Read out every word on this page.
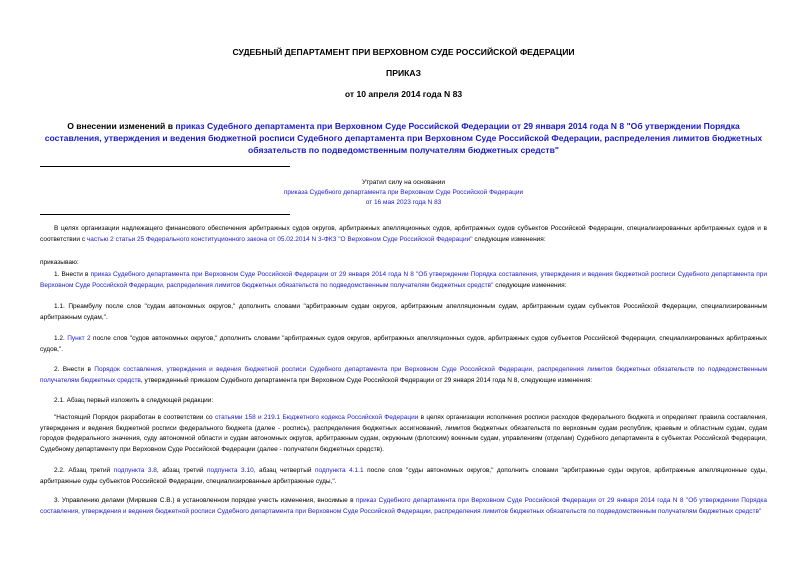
СУДЕБНЫЙ ДЕПАРТАМЕНТ ПРИ ВЕРХОВНОМ СУДЕ РОССИЙСКОЙ ФЕДЕРАЦИИ
ПРИКАЗ
от 10 апреля 2014 года N 83
О внесении изменений в приказ Судебного департамента при Верховном Суде Российской Федерации от 29 января 2014 года N 8 "Об утверждении Порядка составления, утверждения и ведения бюджетной росписи Судебного департамента при Верховном Суде Российской Федерации, распределения лимитов бюджетных обязательств по подведомственным получателям бюджетных средств"
Утратил силу на основании
приказа Судебного департамента при Верховном Суде Российской Федерации
от 16 мая 2023 года N 83
В целях организации надлежащего финансового обеспечения арбитражных судов округов, арбитражных апелляционных судов, арбитражных судов субъектов Российской Федерации, специализированных арбитражных судов и в соответствии с частью 2 статьи 25 Федерального конституционного закона от 05.02.2014 N 3-ФКЗ "О Верховном Суде Российской Федерации" следующие изменения:
приказываю:
1. Внести в приказ Судебного департамента при Верховном Суде Российской Федерации от 29 января 2014 года N 8 "Об утверждении Порядка составления, утверждения и ведения бюджетной росписи Судебного департамента при Верховном Суде Российской Федерации, распределения лимитов бюджетных обязательств по подведомственным получателям бюджетных средств" следующие изменения:
1.1. Преамбулу после слов "судам автономных округов," дополнить словами "арбитражным судам округов, арбитражным апелляционным судам, арбитражным судам субъектов Российской Федерации, специализированным арбитражным судам,".
1.2. Пункт 2 после слов "судов автономных округов," дополнить словами "арбитражных судов округов, арбитражных апелляционных судов, арбитражных судов субъектов Российской Федерации, специализированных арбитражных судов,".
2. Внести в Порядок составления, утверждения и ведения бюджетной росписи Судебного департамента при Верховном Суде Российской Федерации, распределения лимитов бюджетных обязательств по подведомственным получателям бюджетных средств, утвержденный приказом Судебного департамента при Верховном Суде Российской Федерации от 29 января 2014 года N 8, следующие изменения:
2.1. Абзац первый изложить в следующей редакции:
"Настоящий Порядок разработан в соответствии со статьями 158 и 219.1 Бюджетного кодекса Российской Федерации в целях организации исполнения росписи расходов федерального бюджета и определяет правила составления, утверждения и ведения бюджетной росписи федерального бюджета (далее - роспись), распределения бюджетных ассигнований, лимитов бюджетных обязательств по верховным судам республик, краевым и областным судам, судам городов федерального значения, суду автономной области и судам автономных округов, арбитражным судам, окружным (флотским) военным судам, управлениям (отделам) Судебного департамента в субъектах Российской Федерации, Судебному департаменту при Верховном Суде Российской Федерации (далее - получатели бюджетных средств).
2.2. Абзац третий подпункта 3.8, абзац третий подпункта 3.10, абзац четвертый подпункта 4.1.1 после слов "суды автономных округов," дополнить словами "арбитражные суды округов, арбитражные апелляционные суды, арбитражные суды субъектов Российской Федерации, специализированные арбитражные суды,".
3. Управлению делами (Мирвшев С.В.) в установленном порядке учесть изменения, вносимые в приказ Судебного департамента при Верховном Суде Российской Федерации от 29 января 2014 года N 8 "Об утверждении Порядка составления, утверждения и ведения бюджетной росписи Судебного департамента при Верховном Суде Российской Федерации, распределения лимитов бюджетных обязательств по подведомственным получателям бюджетных средств"
